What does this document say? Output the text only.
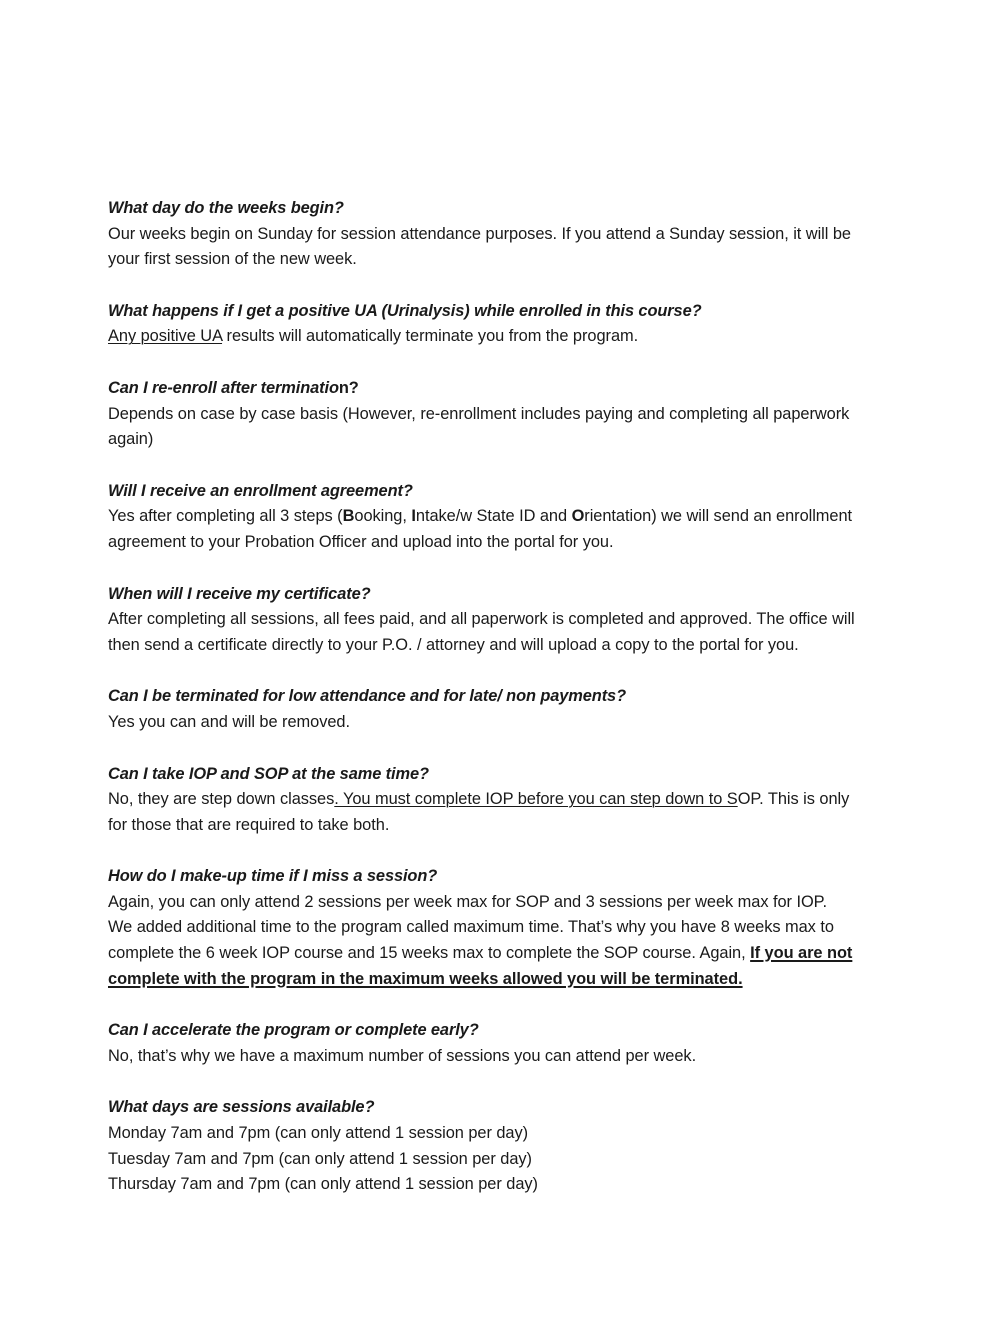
What day do the weeks begin?

Our weeks begin on Sunday for session attendance purposes. If you attend a Sunday session, it will be
your first session of the new week.

What happens if I get a positive UA (Urinalysis) while enrolled in this course?

Any positive UA results will automatically terminate you from the program.

Can I re-enroll after termination?

Depends on case by case basis (However, re-enrollment includes paying and completing all paperwork
again)

Will I receive an enrollment agreement?

Yes after completing all 3 steps (Booking, Intake/w State ID and Orientation) we will send an enrollment
agreement to your Probation Officer and upload into the portal for you.

When will I receive my certificate?

After completing all sessions, all fees paid, and all paperwork is completed and approved. The office will
then send a certificate directly to your P.O. / attorney and will upload a copy to the portal for you.

Can I be terminated for low attendance and for late/ non payments?

Yes you can and will be removed.

Can I take IOP and SOP at the same time?

No, they are step down classes. You must complete IOP before you can step down to SOP. This is only
for those that are required to take both.

How do I make-up time if I miss a session?

Again, you can only attend 2 sessions per week max for SOP and 3 sessions per week max for IOP.
We added additional time to the program called maximum time. That’s why you have 8 weeks max to
complete the 6 week IOP course and 15 weeks max to complete the SOP course. Again, If you are not
complete with the program in the maximum weeks allowed you will be terminated.

Can I accelerate the program or complete early?

No, that’s why we have a maximum number of sessions you can attend per week.

What days are sessions available?

Monday 7am and 7pm (can only attend 1 session per day)
Tuesday 7am and 7pm (can only attend 1 session per day)
Thursday 7am and 7pm (can only attend 1 session per day)
